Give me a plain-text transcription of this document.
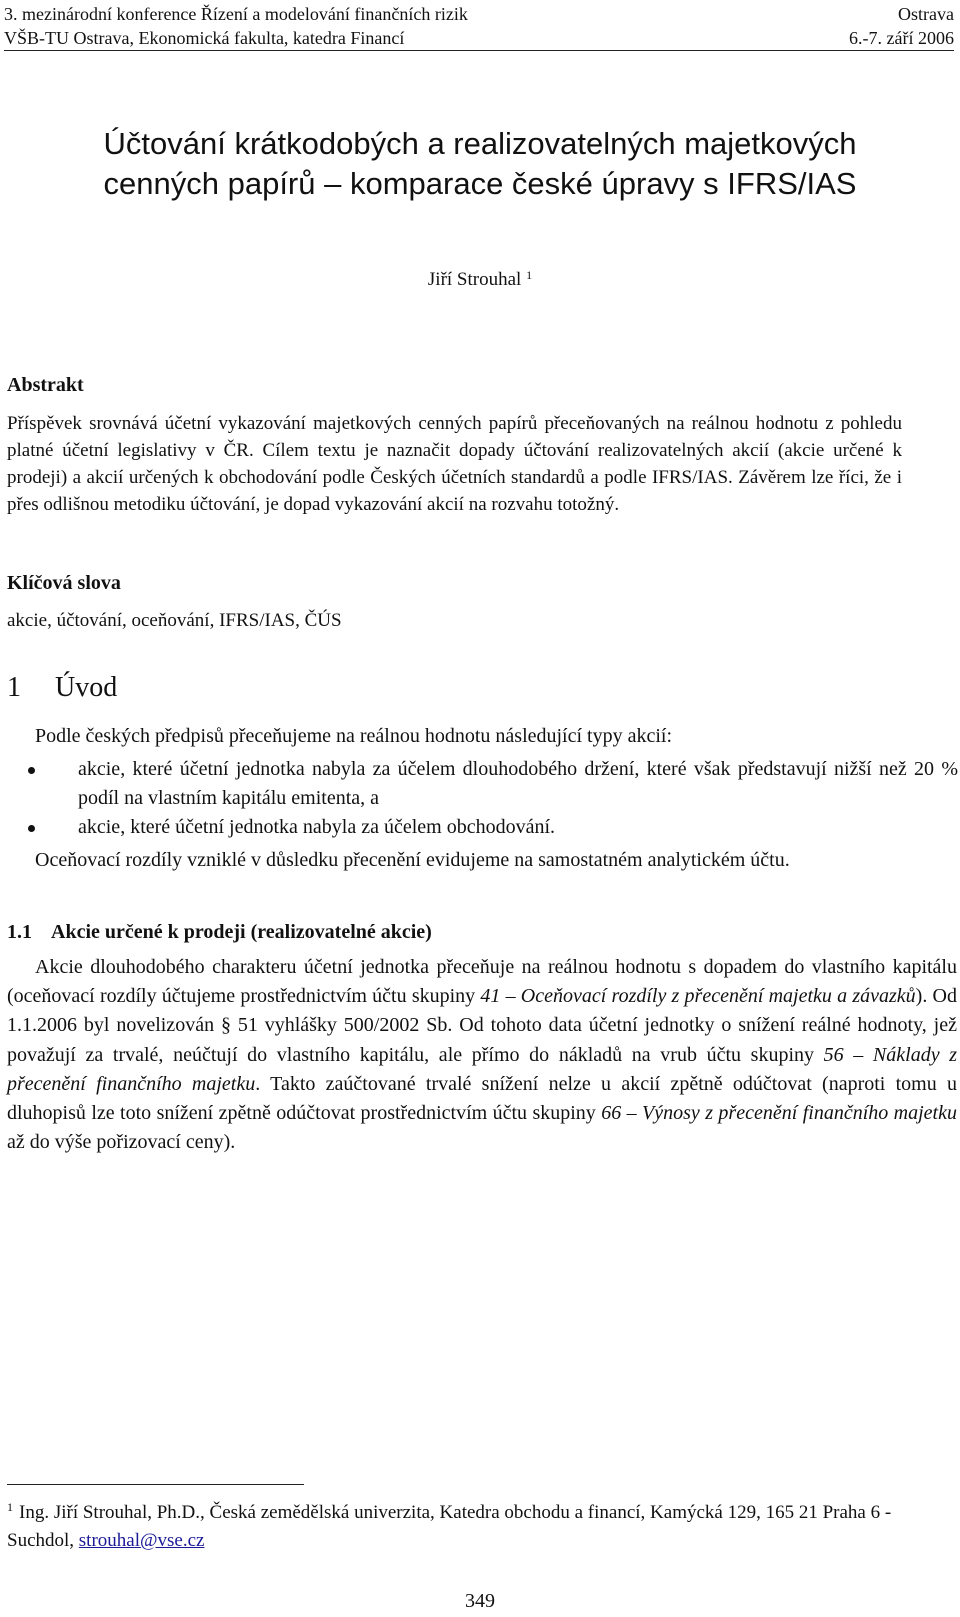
3. mezinárodní konference Řízení a modelování finančních rizik	Ostrava
VŠB-TU Ostrava, Ekonomická fakulta, katedra Financí	6.-7. září 2006
Účtování krátkodobých a realizovatelných majetkových cenných papírů – komparace české úpravy s IFRS/IAS
Jiří Strouhal $^1$
Abstrakt
Příspěvek srovnává účetní vykazování majetkových cenných papírů přeceňovaných na reálnou hodnotu z pohledu platné účetní legislativy v ČR. Cílem textu je naznačit dopady účtování realizovatelných akcií (akcie určené k prodeji) a akcií určených k obchodování podle Českých účetních standardů a podle IFRS/IAS. Závěrem lze říci, že i přes odlišnou metodiku účtování, je dopad vykazování akcií na rozvahu totožný.
Klíčová slova
akcie, účtování, oceňování, IFRS/IAS, ČÚS
1 Úvod
Podle českých předpisů přeceňujeme na reálnou hodnotu následující typy akcií:
akcie, které účetní jednotka nabyla za účelem dlouhodobého držení, které však představují nižší než 20 % podíl na vlastním kapitálu emitenta, a
akcie, které účetní jednotka nabyla za účelem obchodování.
Oceňovací rozdíly vzniklé v důsledku přecenění evidujeme na samostatném analytickém účtu.
1.1 Akcie určené k prodeji (realizovatelné akcie)
Akcie dlouhodobého charakteru účetní jednotka přeceňuje na reálnou hodnotu s dopadem do vlastního kapitálu (oceňovací rozdíly účtujeme prostřednictvím účtu skupiny 41 – Oceňovací rozdíly z přecenění majetku a závazků). Od 1.1.2006 byl novelizován § 51 vyhlášky 500/2002 Sb. Od tohoto data účetní jednotky o snížení reálné hodnoty, jež považují za trvalé, neúčtují do vlastního kapitálu, ale přímo do nákladů na vrub účtu skupiny 56 – Náklady z přecenění finančního majetku. Takto zaúčtované trvalé snížení nelze u akcií zpětně odúčtovat (naproti tomu u dluhopisů lze toto snížení zpětně odúčtovat prostřednictvím účtu skupiny 66 – Výnosy z přecenění finančního majetku až do výše pořizovací ceny).
$^1$ Ing. Jiří Strouhal, Ph.D., Česká zemědělská univerzita, Katedra obchodu a financí, Kamýcká 129, 165 21 Praha 6 - Suchdol, strouhal@vse.cz
349
